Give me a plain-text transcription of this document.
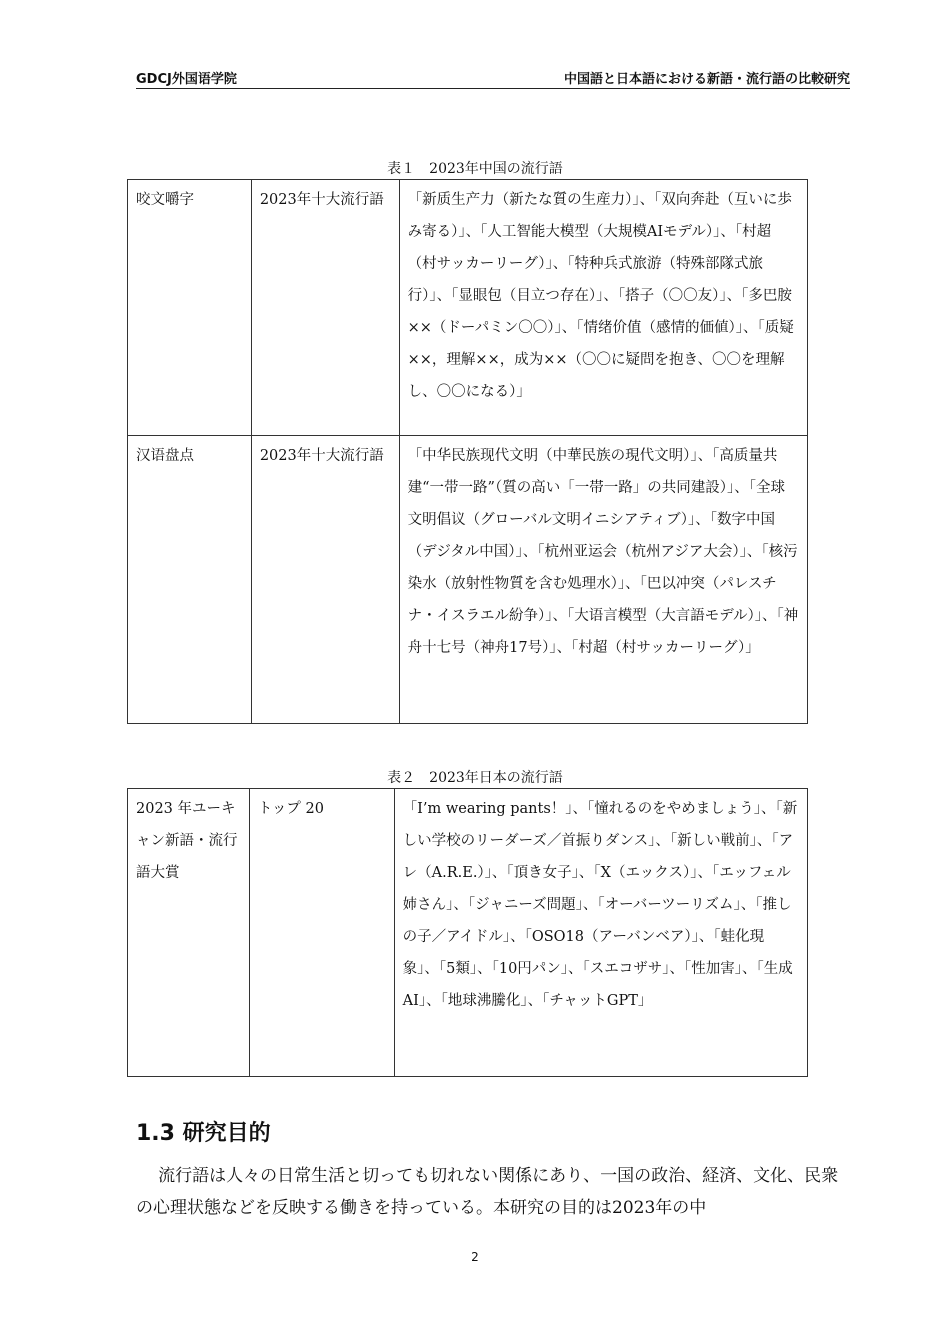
GDCJ外国语学院	中国語と日本語における新語・流行語の比較研究
表１　2023年中国の流行語
咬文嚼字	2023年十大流行語	「新质生产力（新たな質の生産力）」、「双向奔赴（互いに歩み寄る）」、「人工智能大模型（大規模AIモデル）」、「村超（村サッカーリーグ）」、「特种兵式旅游（特殊部隊式旅行）」、「显眼包（目立つ存在）」、「搭子（〇〇友）」、「多巴胺××（ドーパミン〇〇）」、「情绪价值（感情的価値）」、「质疑××，理解××，成为××（〇〇に疑問を抱き、〇〇を理解し、〇〇になる）」
汉语盘点	2023年十大流行語	「中华民族现代文明（中華民族の現代文明）」、「高质量共建“一带一路”（質の高い「一帯一路」の共同建設）」、「全球文明倡议（グローバル文明イニシアティブ）」、「数字中国（デジタル中国）」、「杭州亚运会（杭州アジア大会）」、「核污染水（放射性物質を含む処理水）」、「巴以冲突（パレスチナ・イスラエル紛争）」、「大语言模型（大言語モデル）」、「神舟十七号（神舟17号）」、「村超（村サッカーリーグ）」
表２　2023年日本の流行語
2023 年ユーキャン新語・流行語大賞	トップ 20	「I’m wearing pants！」、「憧れるのをやめましょう」、「新しい学校のリーダーズ／首振りダンス」、「新しい戦前」、「アレ（A.R.E.）」、「頂き女子」、「X（エックス）」、「エッフェル姉さん」、「ジャニーズ問題」、「オーバーツーリズム」、「推しの子／アイドル」、「OSO18（アーバンベア）」、「蛙化現象」、「5類」、「10円パン」、「スエコザサ」、「性加害」、「生成AI」、「地球沸騰化」、「チャットGPT」
1.3 研究目的

流行語は人々の日常生活と切っても切れない関係にあり、一国の政治、経済、文化、民衆の心理状態などを反映する働きを持っている。本研究の目的は2023年の中

2
